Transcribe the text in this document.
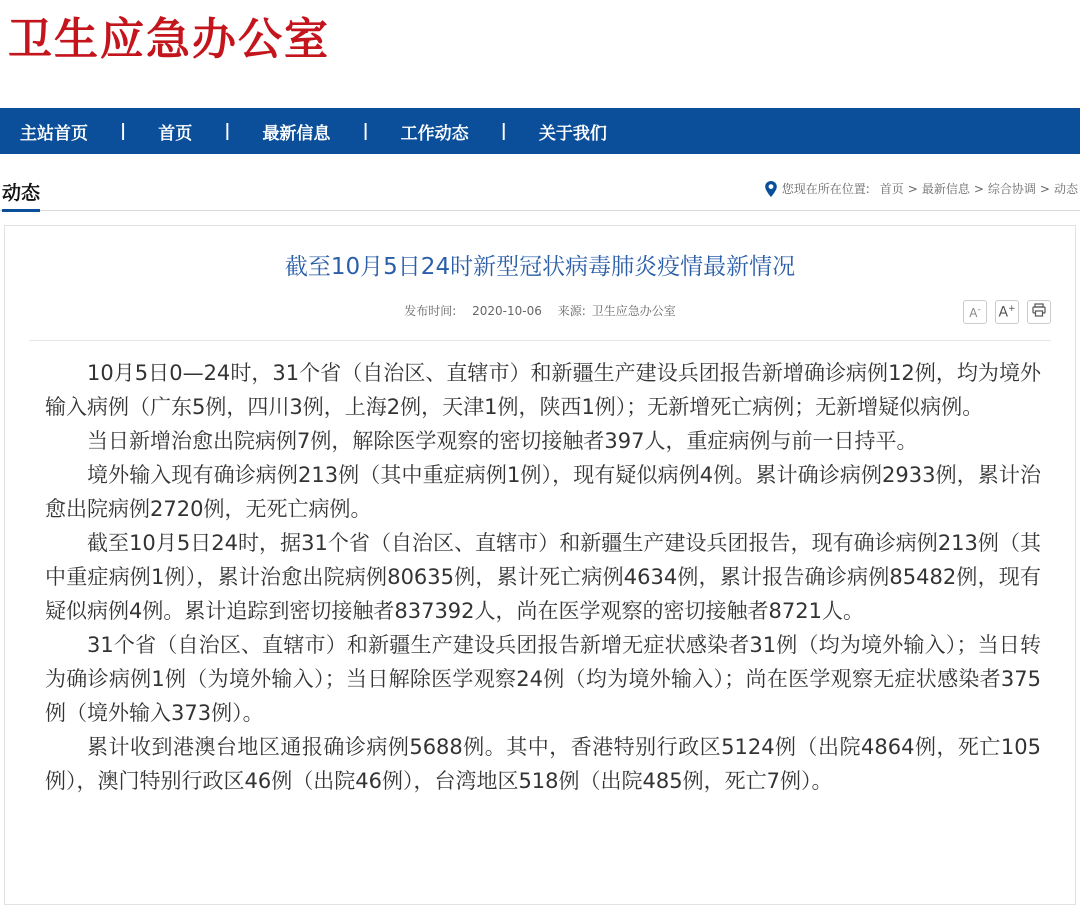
卫生应急办公室
主站首页 | 首页 | 最新信息 | 工作动态 | 关于我们
动态	您现在所在位置: 首页 > 最新信息 > 综合协调 > 动态
截至10月5日24时新型冠状病毒肺炎疫情最新情况
发布时间: 2020-10-06 来源: 卫生应急办公室	A- A+

10月5日0—24时，31个省（自治区、直辖市）和新疆生产建设兵团报告新增确诊病例12例，均为境外输入病例（广东5例，四川3例，上海2例，天津1例，陕西1例）；无新增死亡病例；无新增疑似病例。

当日新增治愈出院病例7例，解除医学观察的密切接触者397人，重症病例与前一日持平。

境外输入现有确诊病例213例（其中重症病例1例），现有疑似病例4例。累计确诊病例2933例，累计治愈出院病例2720例，无死亡病例。

截至10月5日24时，据31个省（自治区、直辖市）和新疆生产建设兵团报告，现有确诊病例213例（其中重症病例1例），累计治愈出院病例80635例，累计死亡病例4634例，累计报告确诊病例85482例，现有疑似病例4例。累计追踪到密切接触者837392人，尚在医学观察的密切接触者8721人。

31个省（自治区、直辖市）和新疆生产建设兵团报告新增无症状感染者31例（均为境外输入）；当日转为确诊病例1例（为境外输入）；当日解除医学观察24例（均为境外输入）；尚在医学观察无症状感染者375例（境外输入373例）。

累计收到港澳台地区通报确诊病例5688例。其中，香港特别行政区5124例（出院4864例，死亡105例），澳门特别行政区46例（出院46例），台湾地区518例（出院485例，死亡7例）。
